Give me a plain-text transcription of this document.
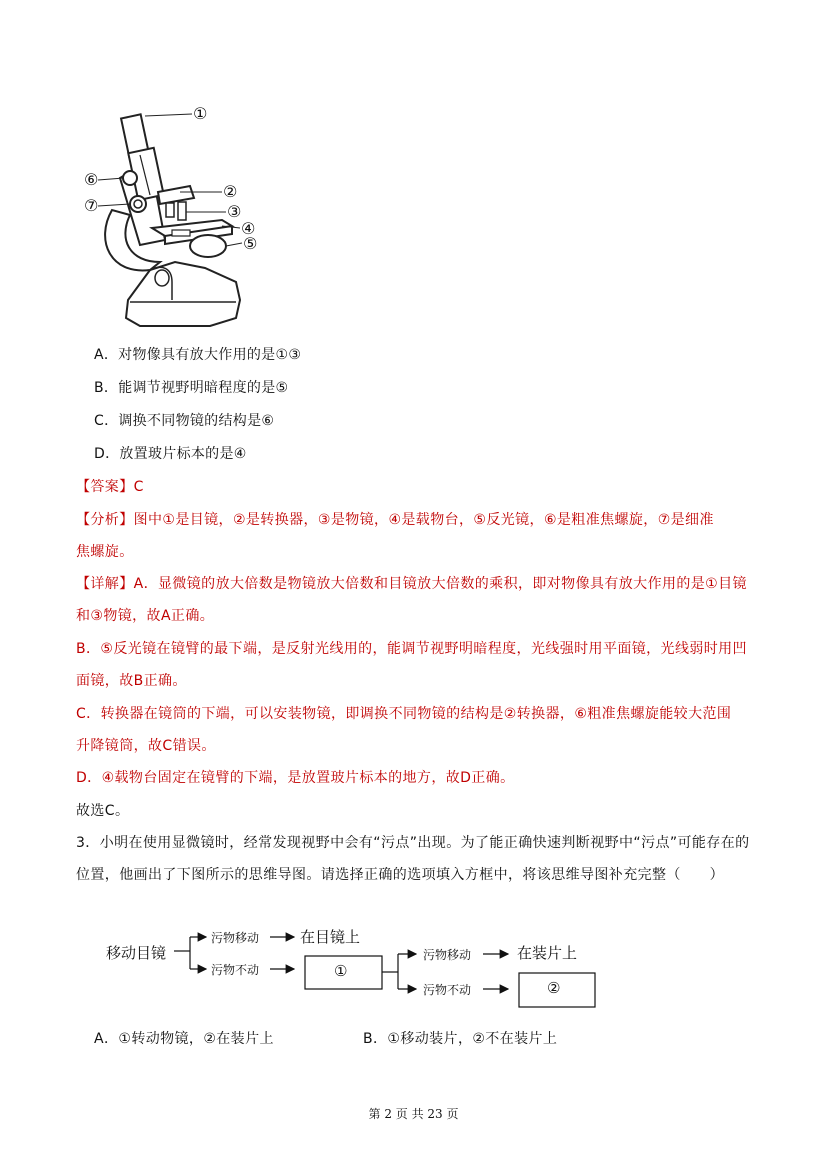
①
②
③
④
⑤
⑥
⑦
A．对物像具有放大作用的是①③
B．能调节视野明暗程度的是⑤
C．调换不同物镜的结构是⑥
D．放置玻片标本的是④
【答案】C
【分析】图中①是目镜，②是转换器，③是物镜，④是载物台，⑤反光镜，⑥是粗准焦螺旋，⑦是细准
焦螺旋。
【详解】A．显微镜的放大倍数是物镜放大倍数和目镜放大倍数的乘积，即对物像具有放大作用的是①目镜
和③物镜，故A正确。
B．⑤反光镜在镜臂的最下端，是反射光线用的，能调节视野明暗程度，光线强时用平面镜，光线弱时用凹
面镜，故B正确。
C．转换器在镜筒的下端，可以安装物镜，即调换不同物镜的结构是②转换器，⑥粗准焦螺旋能较大范围
升降镜筒，故C错误。
D．④载物台固定在镜臂的下端，是放置玻片标本的地方，故D正确。
故选C。
3．小明在使用显微镜时，经常发现视野中会有“污点”出现。为了能正确快速判断视野中“污点”可能存在的
位置，他画出了下图所示的思维导图。请选择正确的选项填入方框中，将该思维导图补充完整（　　）
移动目镜
污物移动	在目镜上
污物不动	①
污物移动	在装片上
污物不动	②
A．①转动物镜，②在装片上	B．①移动装片，②不在装片上
第 2 页 共 23 页
